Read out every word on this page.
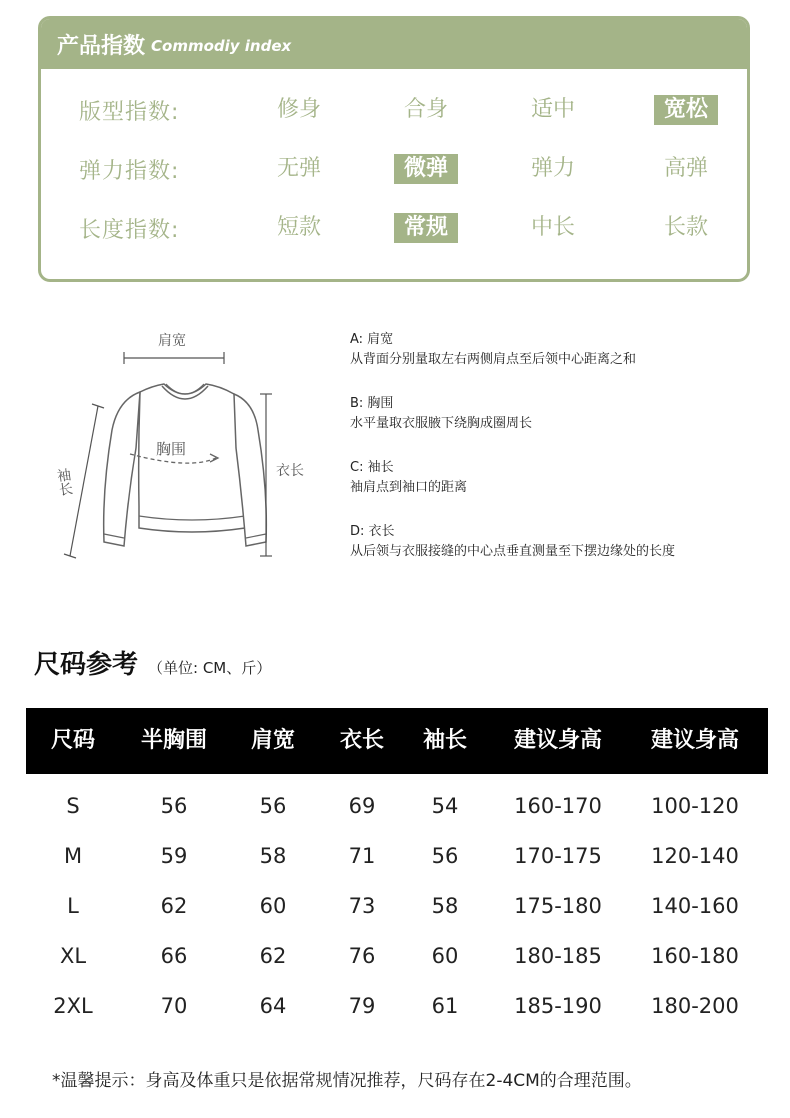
产品指数 Commodiy index
版型指数:	修身	合身	适中	宽松
弹力指数:	无弹	微弹	弹力	高弹
长度指数:	短款	常规	中长	长款
肩宽
胸围
袖长	衣长
A: 肩宽
从背面分别量取左右两侧肩点至后领中心距离之和
B: 胸围
水平量取衣服腋下绕胸成圈周长
C: 袖长
袖肩点到袖口的距离
D: 衣长
从后领与衣服接缝的中心点垂直测量至下摆边缘处的长度
尺码参考 （单位: CM、斤）
尺码 半胸围 肩宽 衣长 袖长 建议身高 建议身高
S	56	56	69	54	160-170 100-120
M	59	58	71	56	170-175 120-140
L	62	60	73	58	175-180 140-160
XL	66	62	76	60	180-185 160-180
2XL	70	64	79	61	185-190 180-200
*温馨提示：身高及体重只是依据常规情况推荐，尺码存在2-4CM的合理范围。
